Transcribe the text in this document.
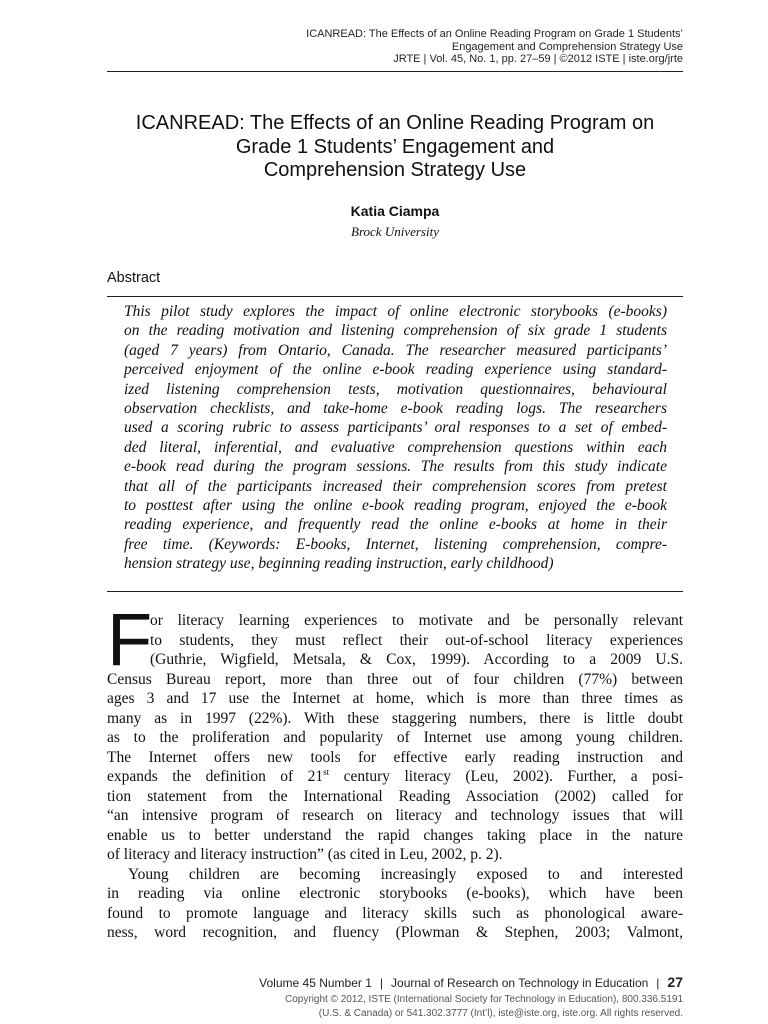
ICANREAD: The Effects of an Online Reading Program on Grade 1 Students’
Engagement and Comprehension Strategy Use
JRTE | Vol. 45, No. 1, pp. 27–59 | ©2012 ISTE | iste.org/jrte
ICANREAD: The Effects of an Online Reading Program on
Grade 1 Students’ Engagement and
Comprehension Strategy Use
Katia Ciampa
Brock University
Abstract
This pilot study explores the impact of online electronic storybooks (e-books)
on the reading motivation and listening comprehension of six grade 1 students
(aged 7 years) from Ontario, Canada. The researcher measured participants’
perceived enjoyment of the online e-book reading experience using standard-
ized listening comprehension tests, motivation questionnaires, behavioural
observation checklists, and take-home e-book reading logs. The researchers
used a scoring rubric to assess participants’ oral responses to a set of embed-
ded literal, inferential, and evaluative comprehension questions within each
e-book read during the program sessions. The results from this study indicate
that all of the participants increased their comprehension scores from pretest
to posttest after using the online e-book reading program, enjoyed the e-book
reading experience, and frequently read the online e-books at home in their
free time. (Keywords: E-books, Internet, listening comprehension, compre-
hension strategy use, beginning reading instruction, early childhood)
F
or literacy learning experiences to motivate and be personally relevant
to students, they must reflect their out-of-school literacy experiences
(Guthrie, Wigfield, Metsala, & Cox, 1999). According to a 2009 U.S.
Census Bureau report, more than three out of four children (77%) between
ages 3 and 17 use the Internet at home, which is more than three times as
many as in 1997 (22%). With these staggering numbers, there is little doubt
as to the proliferation and popularity of Internet use among young children.
The Internet offers new tools for effective early reading instruction and
expands the definition of 21st century literacy (Leu, 2002). Further, a posi-
tion statement from the International Reading Association (2002) called for
“an intensive program of research on literacy and technology issues that will
enable us to better understand the rapid changes taking place in the nature
of literacy and literacy instruction” (as cited in Leu, 2002, p. 2).
Young children are becoming increasingly exposed to and interested
in reading via online electronic storybooks (e-books), which have been
found to promote language and literacy skills such as phonological aware-
ness, word recognition, and fluency (Plowman & Stephen, 2003; Valmont,
Volume 45 Number 1 | Journal of Research on Technology in Education | 27
Copyright © 2012, ISTE (International Society for Technology in Education), 800.336.5191
(U.S. & Canada) or 541.302.3777 (Int’l), iste@iste.org, iste.org. All rights reserved.
